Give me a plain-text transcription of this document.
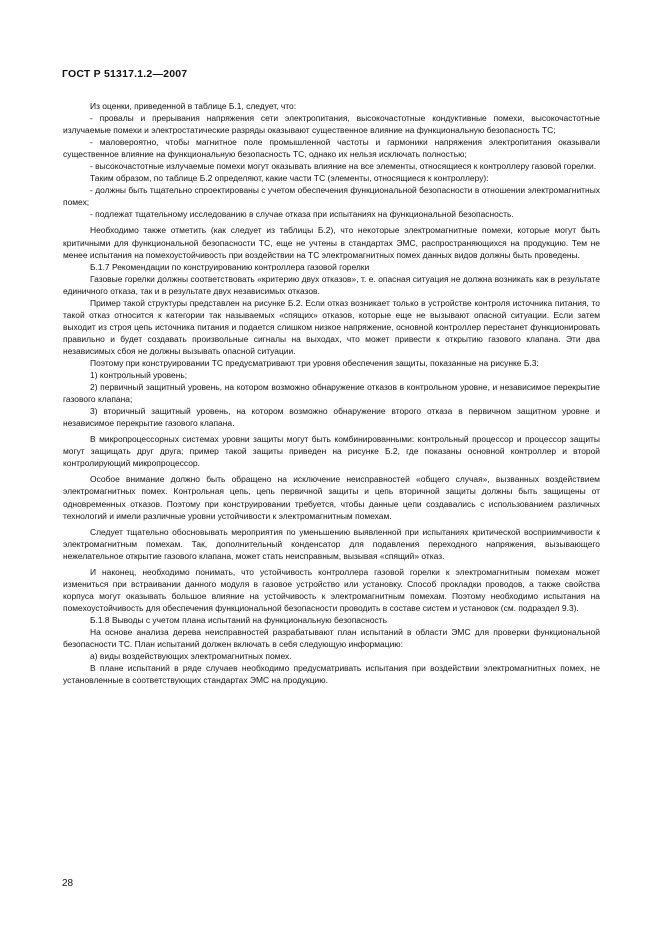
ГОСТ Р 51317.1.2—2007

Из оценки, приведенной в таблице Б.1, следует, что:

- провалы и прерывания напряжения сети электропитания, высокочастотные кондуктивные помехи, высокочастотные излучаемые помехи и электростатические разряды оказывают существенное влияние на функциональную безопасность ТС;

- маловероятно, чтобы магнитное поле промышленной частоты и гармоники напряжения электропитания оказывали существенное влияние на функциональную безопасность ТС, однако их нельзя исключать полностью;

- высокочастотные излучаемые помехи могут оказывать влияние на все элементы, относящиеся к контроллеру газовой горелки.

Таким образом, по таблице Б.2 определяют, какие части ТС (элементы, относящиеся к контроллеру):

- должны быть тщательно спроектированы с учетом обеспечения функциональной безопасности в отношении электромагнитных помех;

- подлежат тщательному исследованию в случае отказа при испытаниях на функциональной безопасность.

Необходимо также отметить (как следует из таблицы Б.2), что некоторые электромагнитные помехи, которые могут быть критичными для функциональной безопасности ТС, еще не учтены в стандартах ЭМС, распространяющихся на продукцию. Тем не менее испытания на помехоустойчивость при воздействии на ТС электромагнитных помех данных видов должны быть проведены.

Б.1.7 Рекомендации по конструированию контроллера газовой горелки

Газовые горелки должны соответствовать «критерию двух отказов», т. е. опасная ситуация не должна возникать как в результате единичного отказа, так и в результате двух независимых отказов.

Пример такой структуры представлен на рисунке Б.2. Если отказ возникает только в устройстве контроля источника питания, то такой отказ относится к категории так называемых «спящих» отказов, которые еще не вызывают опасной ситуации. Если затем выходит из строя цепь источника питания и подается слишком низкое напряжение, основной контроллер перестанет функционировать правильно и будет создавать произвольные сигналы на выходах, что может привести к открытию газового клапана. Эти два независимых сбоя не должны вызывать опасной ситуации.

Поэтому при конструировании ТС предусматривают три уровня обеспечения защиты, показанные на рисунке Б.3:

1) контрольный уровень;

2) первичный защитный уровень, на котором возможно обнаружение отказов в контрольном уровне, и независимое перекрытие газового клапана;

3) вторичный защитный уровень, на котором возможно обнаружение второго отказа в первичном защитном уровне и независимое перекрытие газового клапана.

В микропроцессорных системах уровни защиты могут быть комбинированными: контрольный процессор и процессор защиты могут защищать друг друга; пример такой защиты приведен на рисунке Б.2, где показаны основной контроллер и второй контролирующий микропроцессор.

Особое внимание должно быть обращено на исключение неисправностей «общего случая», вызванных воздействием электромагнитных помех. Контрольная цепь, цепь первичной защиты и цепь вторичной защиты должны быть защищены от одновременных отказов. Поэтому при конструировании требуется, чтобы данные цепи создавались с использованием различных технологий и имели различные уровни устойчивости к электромагнитным помехам.

Следует тщательно обосновывать мероприятия по уменьшению выявленной при испытаниях критической восприимчивости к электромагнитным помехам. Так, дополнительный конденсатор для подавления переходного напряжения, вызывающего нежелательное открытие газового клапана, может стать неисправным, вызывая «спящий» отказ.

И наконец, необходимо понимать, что устойчивость контроллера газовой горелки к электромагнитным помехам может измениться при встраивании данного модуля в газовое устройство или установку. Способ прокладки проводов, а также свойства корпуса могут оказывать большое влияние на устойчивость к электромагнитным помехам. Поэтому необходимо испытания на помехоустойчивость для обеспечения функциональной безопасности проводить в составе систем и установок (см. подраздел 9.3).

Б.1.8 Выводы с учетом плана испытаний на функциональную безопасность

На основе анализа дерева неисправностей разрабатывают план испытаний в области ЭМС для проверки функциональной безопасности ТС. План испытаний должен включать в себя следующую информацию:

а) виды воздействующих электромагнитных помех.

В плане испытаний в ряде случаев необходимо предусматривать испытания при воздействии электромагнитных помех, не установленные в соответствующих стандартах ЭМС на продукцию.

28
